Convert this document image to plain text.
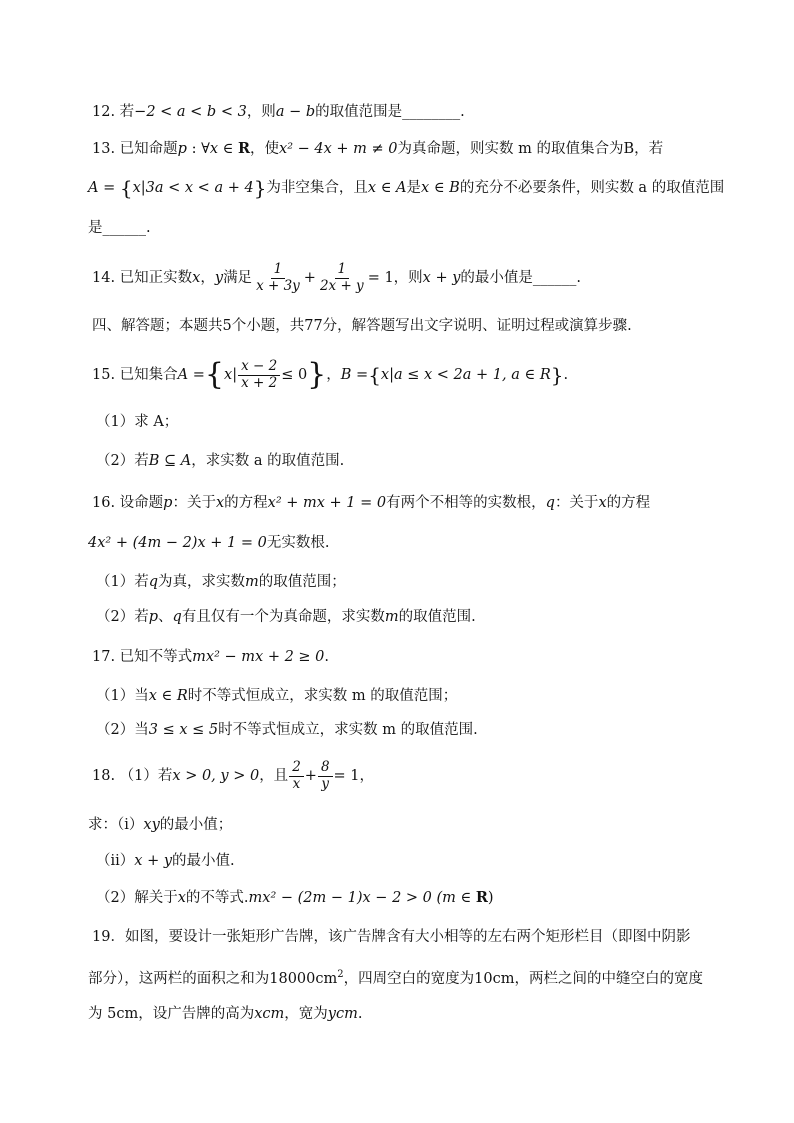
12. 若−2 < a < b < 3，则a − b的取值范围是________.
13. 已知命题p : ∀x ∈ R，使x² − 4x + m ≠ 0为真命题，则实数 m 的取值集合为B，若
A = {x|3a < x < a + 4}为非空集合，且x ∈ A是x ∈ B的充分不必要条件，则实数 a 的取值范围
是______.
14. 已知正实数x，y满足 $\frac{1}{x + 3y} + \frac{1}{2x + y} = 1$，则x + y的最小值是______.
四、解答题；本题共5个小题，共77分，解答题写出文字说明、证明过程或演算步骤.
15. 已知集合$A =\{x| \frac{x - 2}{x + 2} \le 0\}$，B ={x|a ≤ x < 2a + 1, a ∈ R}.
（1）求 A；
（2）若B ⊆ A，求实数 a 的取值范围.
16. 设命题p：关于x的方程x² + mx + 1 = 0有两个不相等的实数根，q：关于x的方程
4x² + (4m − 2)x + 1 = 0无实数根.
（1）若q为真，求实数m的取值范围；
（2）若p、q有且仅有一个为真命题，求实数m的取值范围.
17. 已知不等式mx² − mx + 2 ≥ 0.
（1）当x ∈ R时不等式恒成立，求实数 m 的取值范围；
（2）当3 ≤ x ≤ 5时不等式恒成立，求实数 m 的取值范围.
18. （1）若x > 0, y > 0，且 $\frac{2}{x} + \frac{8}{y} = 1$，
求：（i）xy的最小值；
（ii）x + y的最小值.
（2）解关于x的不等式.mx² − (2m − 1)x − 2 > 0 (m ∈ R)
19．如图，要设计一张矩形广告牌，该广告牌含有大小相等的左右两个矩形栏目（即图中阴影
部分），这两栏的面积之和为$18000cm^2$，四周空白的宽度为10cm，两栏之间的中缝空白的宽度
为 5cm，设广告牌的高为xcm，宽为ycm.
